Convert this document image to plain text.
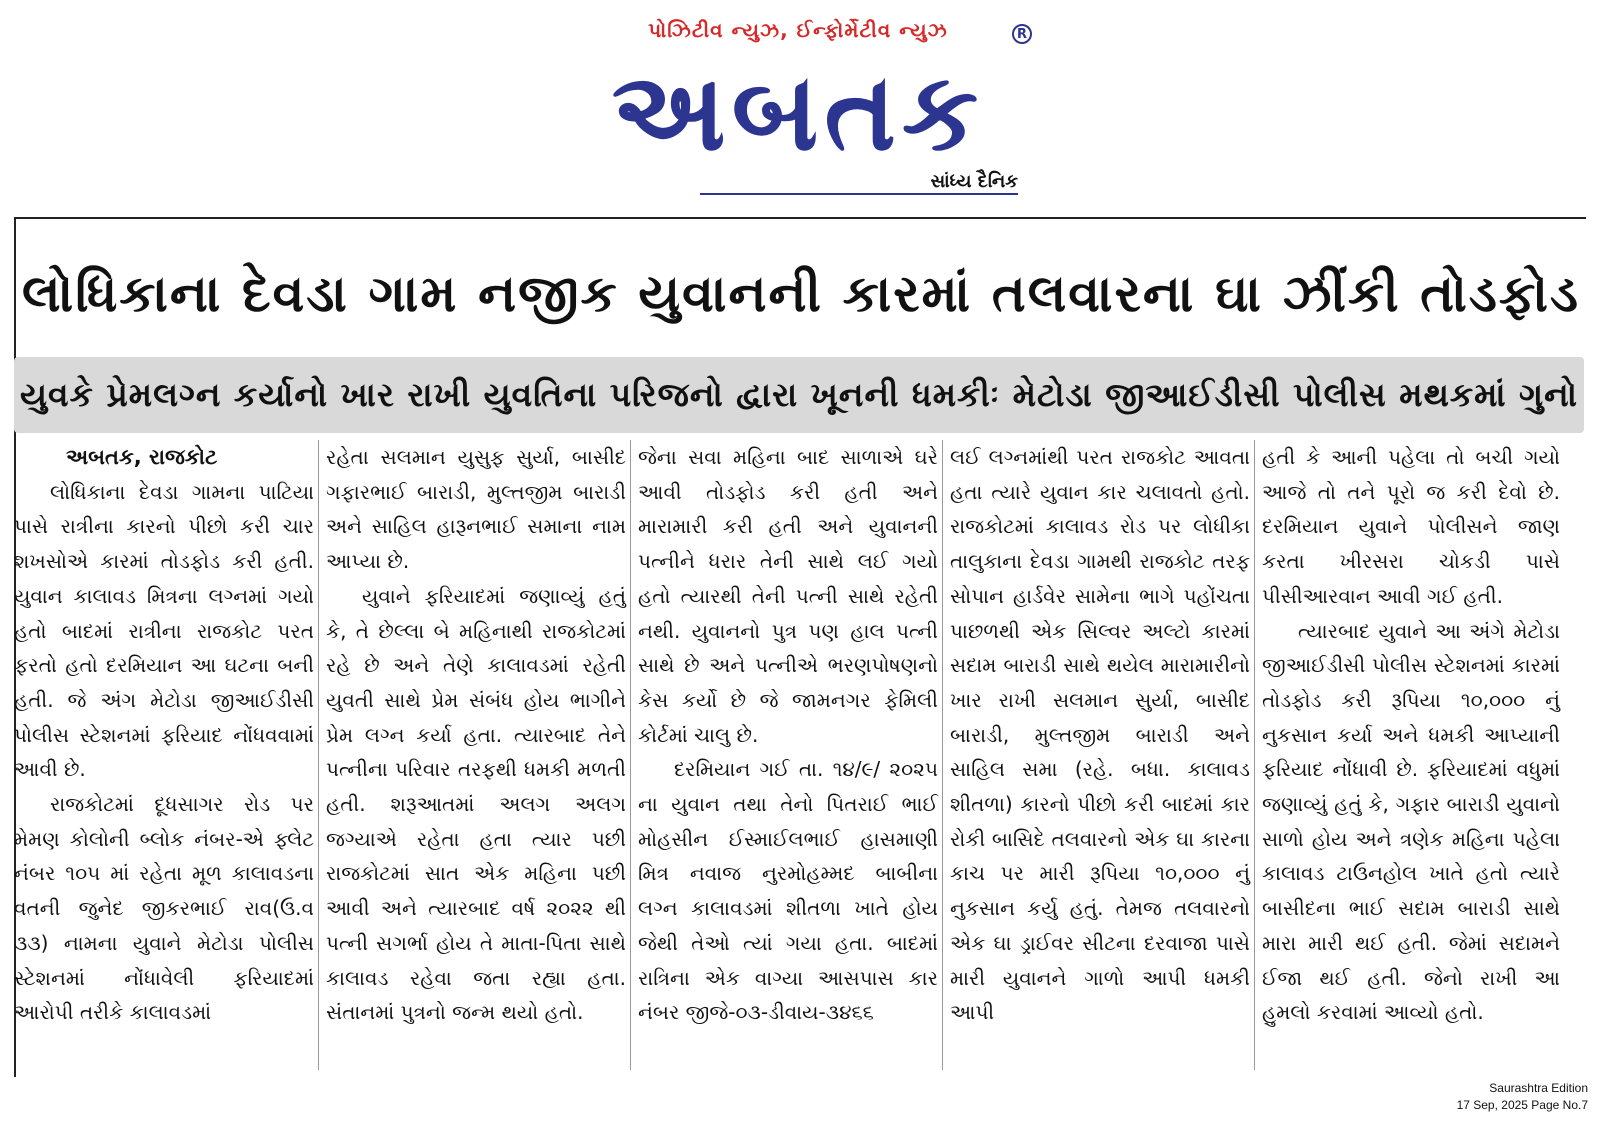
પોઝિટીવ ન્યુઝ, ઈન્ફોર્મેટીવ ન્યુઝ
અબતક
R
સાંધ્ય દૈનિક
લોધિકાના દેવડા ગામ નજીક યુવાનની કારમાં તલવારના ઘા ઝીંકી તોડફોડ
યુવકે પ્રેમલગ્ન કર્યાનો ખાર રાખી યુવતિના પરિજનો દ્વારા ખૂનની ધમકીઃ મેટોડા જીઆઈડીસી પોલીસ મથકમાં ગુનો

અબતક, રાજકોટ

લોધિકાના દેવડા ગામના પાટિયા પાસે રાત્રીના કારનો પીછો કરી ચાર શખસોએ કારમાં તોડફોડ કરી હતી. યુવાન કાલાવડ મિત્રના લગ્નમાં ગયો હતો બાદમાં રાત્રીના રાજકોટ પરત ફરતો હતો દરમિયાન આ ઘટના બની હતી. જે અંગ મેટોડા જીઆઈડીસી પોલીસ સ્ટેશનમાં ફરિયાદ નોંધવવામાં આવી છે.

રાજકોટમાં દૂધસાગર રોડ પર મેમણ કોલોની બ્લોક નંબર-એ ફ્લેટ નંબર ૧૦૫ માં રહેતા મૂળ કાલાવડના વતની જુનેદ જીકરભાઈ રાવ(ઉ.વ ૩૩) નામના યુવાને મેટોડા પોલીસ સ્ટેશનમાં નોંધાવેલી ફરિયાદમાં આરોપી તરીકે કાલાવડમાં

રહેતા સલમાન યુસુફ સુર્યા, બાસીદ ગફારભાઈ બારાડી, મુલ્તજીમ બારાડી અને સાહિલ હારૂનભાઈ સમાના નામ આપ્યા છે.

યુવાને ફરિયાદમાં જણાવ્યું હતું કે, તે છેલ્લા બે મહિનાથી રાજકોટમાં રહે છે અને તેણે કાલાવડમાં રહેતી યુવતી સાથે પ્રેમ સંબંધ હોય ભાગીને પ્રેમ લગ્ન કર્યા હતા. ત્યારબાદ તેને પત્નીના પરિવાર તરફથી ધમકી મળતી હતી. શરૂઆતમાં અલગ અલગ જગ્યાએ રહેતા હતા ત્યાર પછી રાજકોટમાં સાત એક મહિના પછી આવી અને ત્યારબાદ વર્ષ ૨૦૨૨ થી પત્ની સગર્ભા હોય તે માતા-પિતા સાથે કાલાવડ રહેવા જતા રહ્યા હતા. સંતાનમાં પુત્રનો જન્મ થયો હતો.

જેના સવા મહિના બાદ સાળાએ ઘરે આવી તોડફોડ કરી હતી અને મારામારી કરી હતી અને યુવાનની પત્નીને ધરાર તેની સાથે લઈ ગયો હતો ત્યારથી તેની પત્ની સાથે રહેતી નથી. યુવાનનો પુત્ર પણ હાલ પત્ની સાથે છે અને પત્નીએ ભરણપોષણનો કેસ કર્યો છે જે જામનગર ફેમિલી કોર્ટમાં ચાલુ છે.

દરમિયાન ગઈ તા. ૧૪/૯/ ૨૦૨૫ ના યુવાન તથા તેનો પિતરાઈ ભાઈ મોહસીન ઈસ્માઈલભાઈ હાસમાણી મિત્ર નવાજ નુરમોહમ્મદ બાબીના લગ્ન કાલાવડમાં શીતળા ખાતે હોય જેથી તેઓ ત્યાં ગયા હતા. બાદમાં રાત્રિના એક વાગ્યા આસપાસ કાર નંબર જીજે-૦૩-ડીવાય-૩૪૬૬

લઈ લગ્નમાંથી પરત રાજકોટ આવતા હતા ત્યારે યુવાન કાર ચલાવતો હતો. રાજકોટમાં કાલાવડ રોડ પર લોધીકા તાલુકાના દેવડા ગામથી રાજકોટ તરફ સોપાન હાર્ડવેર સામેના ભાગે પહોંચતા પાછળથી એક સિલ્વર અલ્ટો કારમાં સદામ બારાડી સાથે થયેલ મારામારીનો ખાર રાખી સલમાન સુર્યા, બાસીદ બારાડી, મુલ્તજીમ બારાડી અને સાહિલ સમા (રહે. બધા. કાલાવડ શીતળા) કારનો પીછો કરી બાદમાં કાર રોકી બાસિદે તલવારનો એક ઘા કારના કાચ પર મારી રૂપિયા ૧૦,૦૦૦ નું નુકસાન કર્યુ હતું. તેમજ તલવારનો એક ઘા ડ્રાઈવર સીટના દરવાજા પાસે મારી યુવાનને ગાળો આપી ધમકી આપી

હતી કે આની પહેલા તો બચી ગયો આજે તો તને પૂરો જ કરી દેવો છે. દરમિયાન યુવાને પોલીસને જાણ કરતા ખીરસરા ચોકડી પાસે પીસીઆરવાન આવી ગઈ હતી.

ત્યારબાદ યુવાને આ અંગે મેટોડા જીઆઈડીસી પોલીસ સ્ટેશનમાં કારમાં તોડફોડ કરી રૂપિયા ૧૦,૦૦૦ નું નુકસાન કર્યા અને ધમકી આપ્યાની ફરિયાદ નોંધાવી છે. ફરિયાદમાં વધુમાં જણાવ્યું હતું કે, ગફાર બારાડી યુવાનો સાળો હોય અને ત્રણેક મહિના પહેલા કાલાવડ ટાઉનહોલ ખાતે હતો ત્યારે બાસીદના ભાઈ સદામ બારાડી સાથે મારા મારી થઈ હતી. જેમાં સદામને ઈજા થઈ હતી. જેનો રાખી આ હુમલો કરવામાં આવ્યો હતો.

Saurashtra Edition
17 Sep, 2025 Page No.7
